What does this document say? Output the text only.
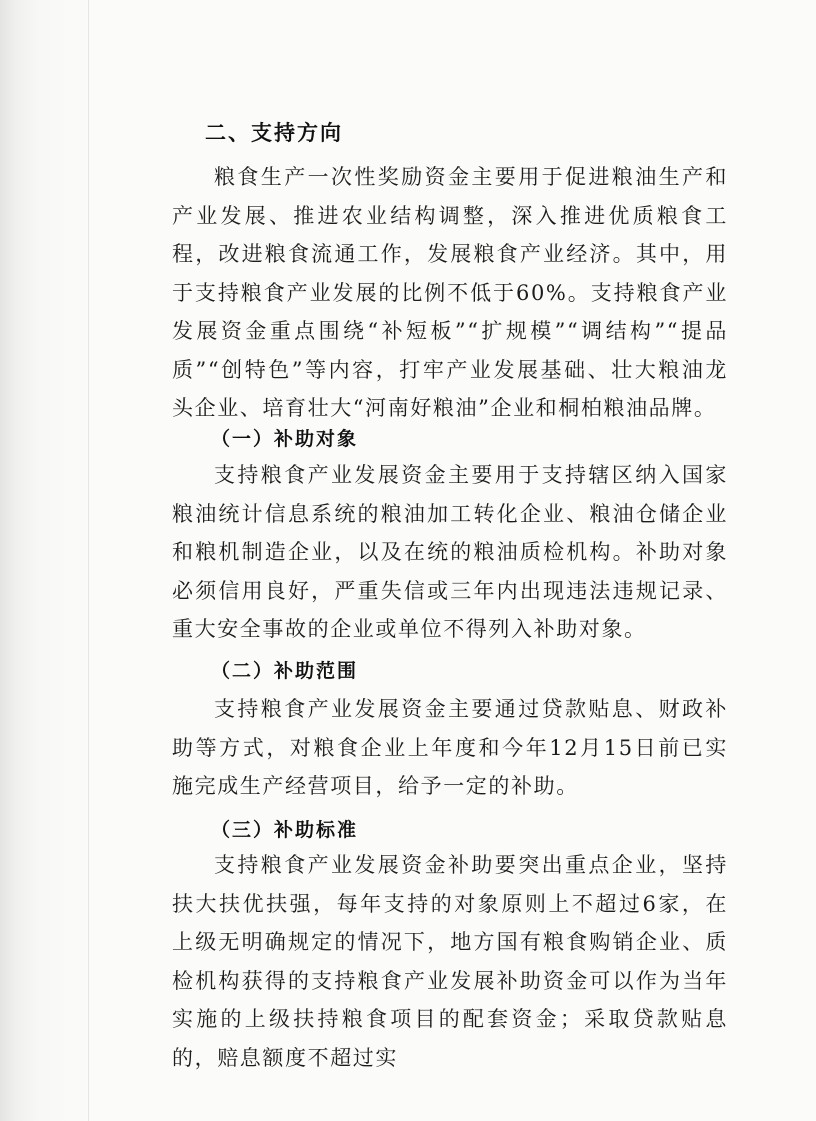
二、支持方向

粮食生产一次性奖励资金主要用于促进粮油生产和产业发展、推进农业结构调整，深入推进优质粮食工程，改进粮食流通工作，发展粮食产业经济。其中，用于支持粮食产业发展的比例不低于60%。支持粮食产业发展资金重点围绕“补短板”“扩规模”“调结构”“提品质”“创特色”等内容，打牢产业发展基础、壮大粮油龙头企业、培育壮大“河南好粮油”企业和桐柏粮油品牌。

（一）补助对象

支持粮食产业发展资金主要用于支持辖区纳入国家粮油统计信息系统的粮油加工转化企业、粮油仓储企业和粮机制造企业，以及在统的粮油质检机构。补助对象必须信用良好，严重失信或三年内出现违法违规记录、重大安全事故的企业或单位不得列入补助对象。

（二）补助范围

支持粮食产业发展资金主要通过贷款贴息、财政补助等方式，对粮食企业上年度和今年12月15日前已实施完成生产经营项目，给予一定的补助。

（三）补助标准

支持粮食产业发展资金补助要突出重点企业，坚持扶大扶优扶强，每年支持的对象原则上不超过6家，在上级无明确规定的情况下，地方国有粮食购销企业、质检机构获得的支持粮食产业发展补助资金可以作为当年实施的上级扶持粮食项目的配套资金；采取贷款贴息的，赔息额度不超过实
